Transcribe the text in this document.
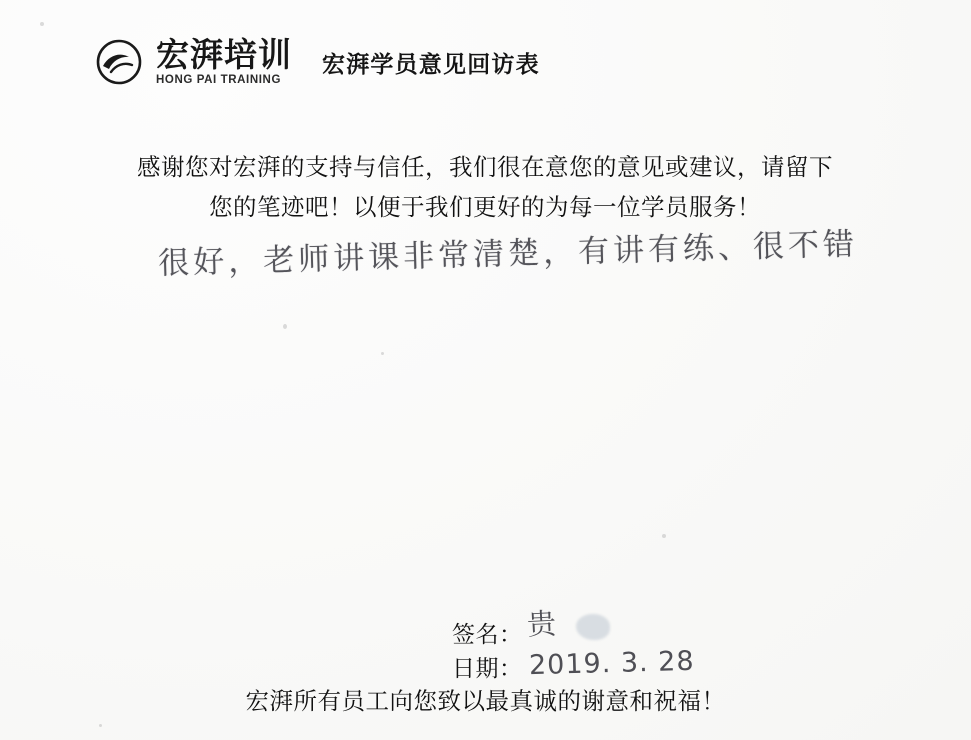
宏湃培训
HONG PAI TRAINING
宏湃学员意见回访表
感谢您对宏湃的支持与信任，我们很在意您的意见或建议，请留下
您的笔迹吧！以便于我们更好的为每一位学员服务！
很好，老师讲课非常清楚，有讲有练、很不错
签名： 贵
日期： 2019. 3. 28
宏湃所有员工向您致以最真诚的谢意和祝福！
